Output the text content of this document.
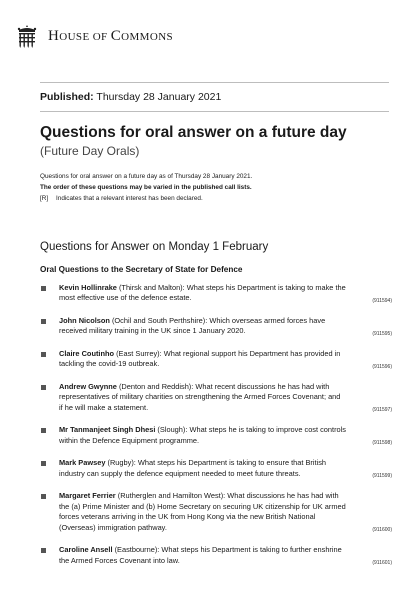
HOUSE OF COMMONS
Published: Thursday 28 January 2021
Questions for oral answer on a future day
(Future Day Orals)
Questions for oral answer on a future day as of Thursday 28 January 2021.
The order of these questions may be varied in the published call lists.
[R] Indicates that a relevant interest has been declared.
Questions for Answer on Monday 1 February
Oral Questions to the Secretary of State for Defence
Kevin Hollinrake (Thirsk and Malton): What steps his Department is taking to make the most effective use of the defence estate.	(911594)
John Nicolson (Ochil and South Perthshire): Which overseas armed forces have received military training in the UK since 1 January 2020.	(911595)
Claire Coutinho (East Surrey): What regional support his Department has provided in tackling the covid-19 outbreak.	(911596)
Andrew Gwynne (Denton and Reddish): What recent discussions he has had with representatives of military charities on strengthening the Armed Forces Covenant; and if he will make a statement.	(911597)
Mr Tanmanjeet Singh Dhesi (Slough): What steps he is taking to improve cost controls within the Defence Equipment programme.	(911598)
Mark Pawsey (Rugby): What steps his Department is taking to ensure that British industry can supply the defence equipment needed to meet future threats.	(911599)
Margaret Ferrier (Rutherglen and Hamilton West): What discussions he has had with the (a) Prime Minister and (b) Home Secretary on securing UK citizenship for UK armed forces veterans arriving in the UK from Hong Kong via the new British National (Overseas) immigration pathway.	(911600)
Caroline Ansell (Eastbourne): What steps his Department is taking to further enshrine the Armed Forces Covenant into law.	(911601)
